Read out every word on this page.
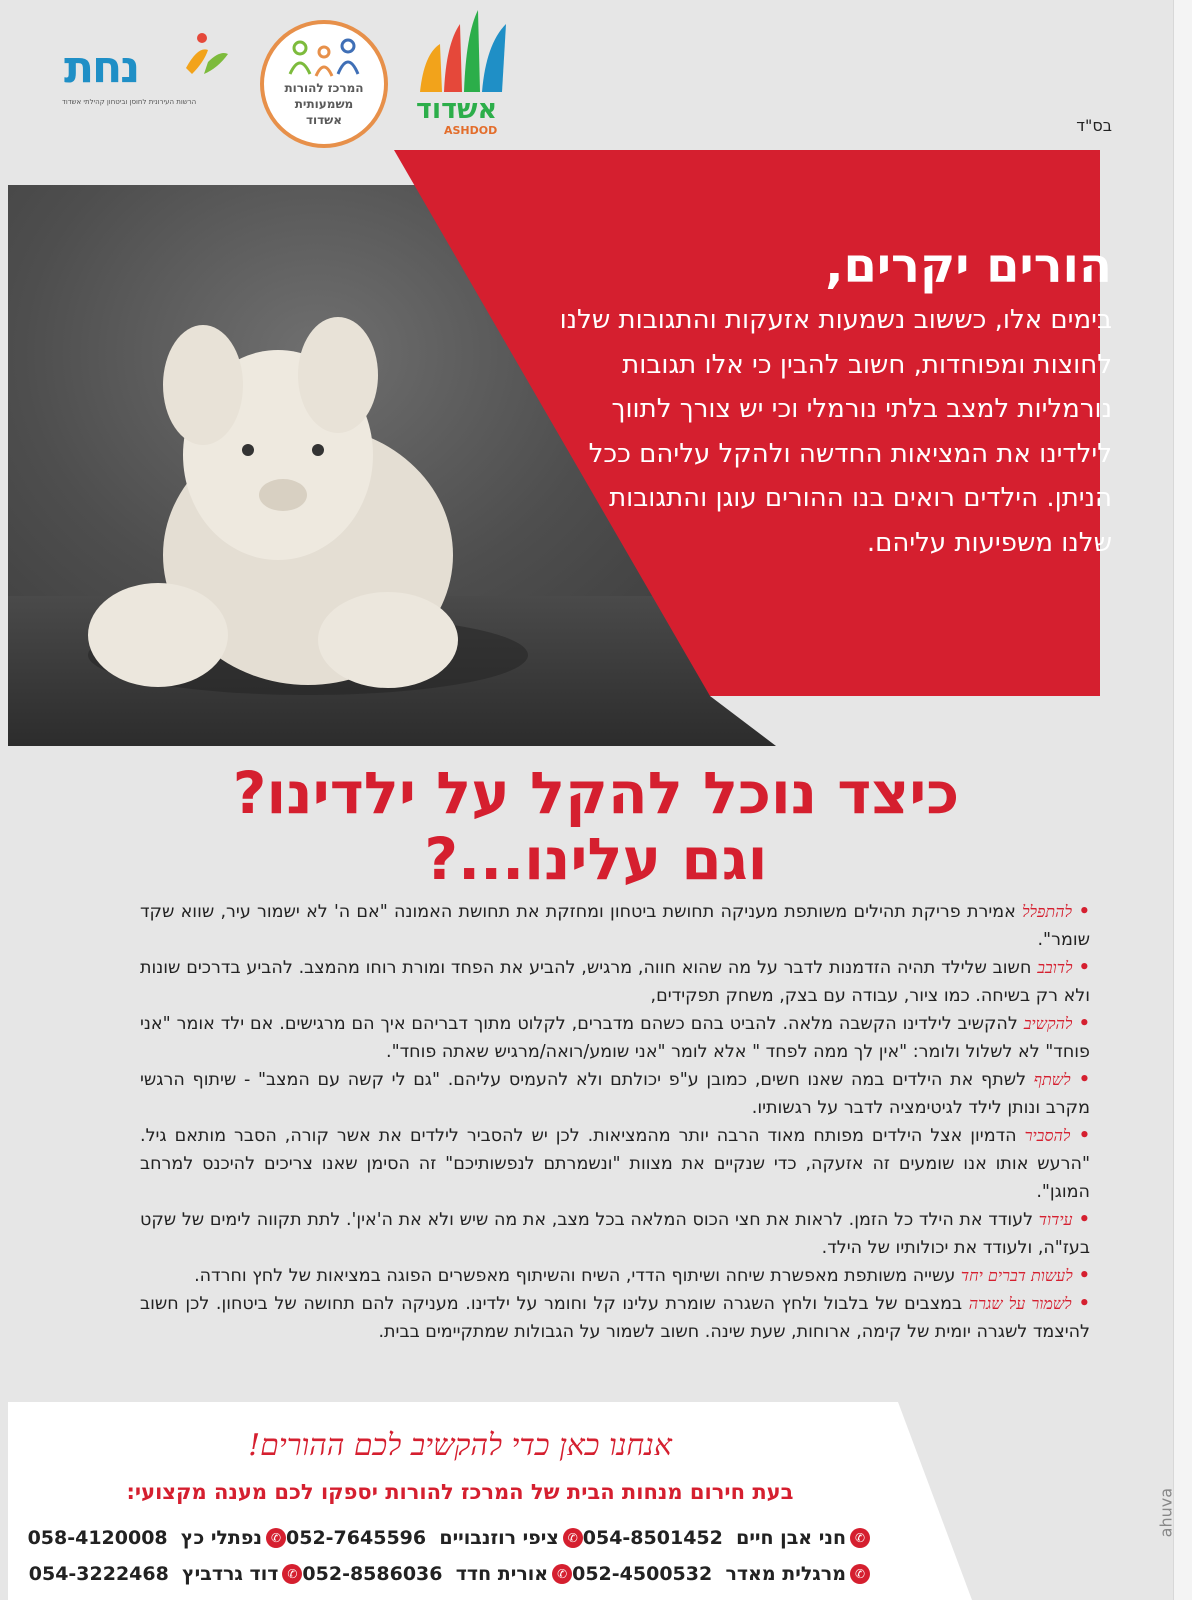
נחת
הרשות העירונית לחוסן וביטחון קהילתי אשדוד
המרכז להורות
משמעותית
אשדוד	אשדוד
ASHDOD	בס"ד
הורים יקרים,
בימים אלו, כששוב נשמעות אזעקות והתגובות שלנו לחוצות ומפוחדות, חשוב להבין כי אלו תגובות נורמליות למצב בלתי נורמלי וכי יש צורך לתווך לילדינו את המציאות החדשה ולהקל עליהם ככל הניתן. הילדים רואים בנו ההורים עוגן והתגובות שלנו משפיעות עליהם.
כיצד נוכל להקל על ילדינו?
וגם עלינו...?

• להתפלל אמירת פריקת תהילים משותפת מעניקה תחושת ביטחון ומחזקת את תחושת האמונה "אם ה' לא ישמור עיר, שווא שקד שומר".

• לדובב חשוב שלילד תהיה הזדמנות לדבר על מה שהוא חווה, מרגיש, להביע את הפחד ומורת רוחו מהמצב. להביע בדרכים שונות ולא רק בשיחה. כמו ציור, עבודה עם בצק, משחק תפקידים,

• להקשיב להקשיב לילדינו הקשבה מלאה. להביט בהם כשהם מדברים, לקלוט מתוך דבריהם איך הם מרגישים. אם ילד אומר "אני פוחד" לא לשלול ולומר: "אין לך ממה לפחד " אלא לומר "אני שומע/רואה/מרגיש שאתה פוחד".

• לשתף לשתף את הילדים במה שאנו חשים, כמובן ע"פ יכולתם ולא להעמיס עליהם. "גם לי קשה עם המצב" - שיתוף הרגשי מקרב ונותן לילד לגיטימציה לדבר על רגשותיו.

• להסביר הדמיון אצל הילדים מפותח מאוד הרבה יותר מהמציאות. לכן יש להסביר לילדים את אשר קורה, הסבר מותאם גיל. "הרעש אותו אנו שומעים זה אזעקה, כדי שנקיים את מצוות "ונשמרתם לנפשותיכם" זה הסימן שאנו צריכים להיכנס למרחב המוגן".

• עידוד לעודד את הילד כל הזמן. לראות את חצי הכוס המלאה בכל מצב, את מה שיש ולא את ה'אין'. לתת תקווה לימים של שקט בעז"ה, ולעודד את יכולותיו של הילד.

• לעשות דברים יחד עשייה משותפת מאפשרת שיחה ושיתוף הדדי, השיח והשיתוף מאפשרים הפוגה במציאות של לחץ וחרדה.

• לשמור על שגרה במצבים של בלבול ולחץ השגרה שומרת עלינו קל וחומר על ילדינו. מעניקה להם תחושה של ביטחון. לכן חשוב להיצמד לשגרה יומית של קימה, ארוחות, שעת שינה. חשוב לשמור על הגבולות שמתקיימים בבית.

אנחנו כאן כדי להקשיב לכם ההורים!
בעת חירום מנחות הבית של המרכז להורות יספקו לכם מענה מקצועי:
✆
חני אבן חיים

054-8501452
✆
ציפי רוזנבויים

052-7645596
✆
נפתלי כץ

058-4120008
✆
מרגלית מאדר

052-4500532
✆
אורית חדד

052-8586036
✆
דוד גרדביץ

054-3222468
ahuva
